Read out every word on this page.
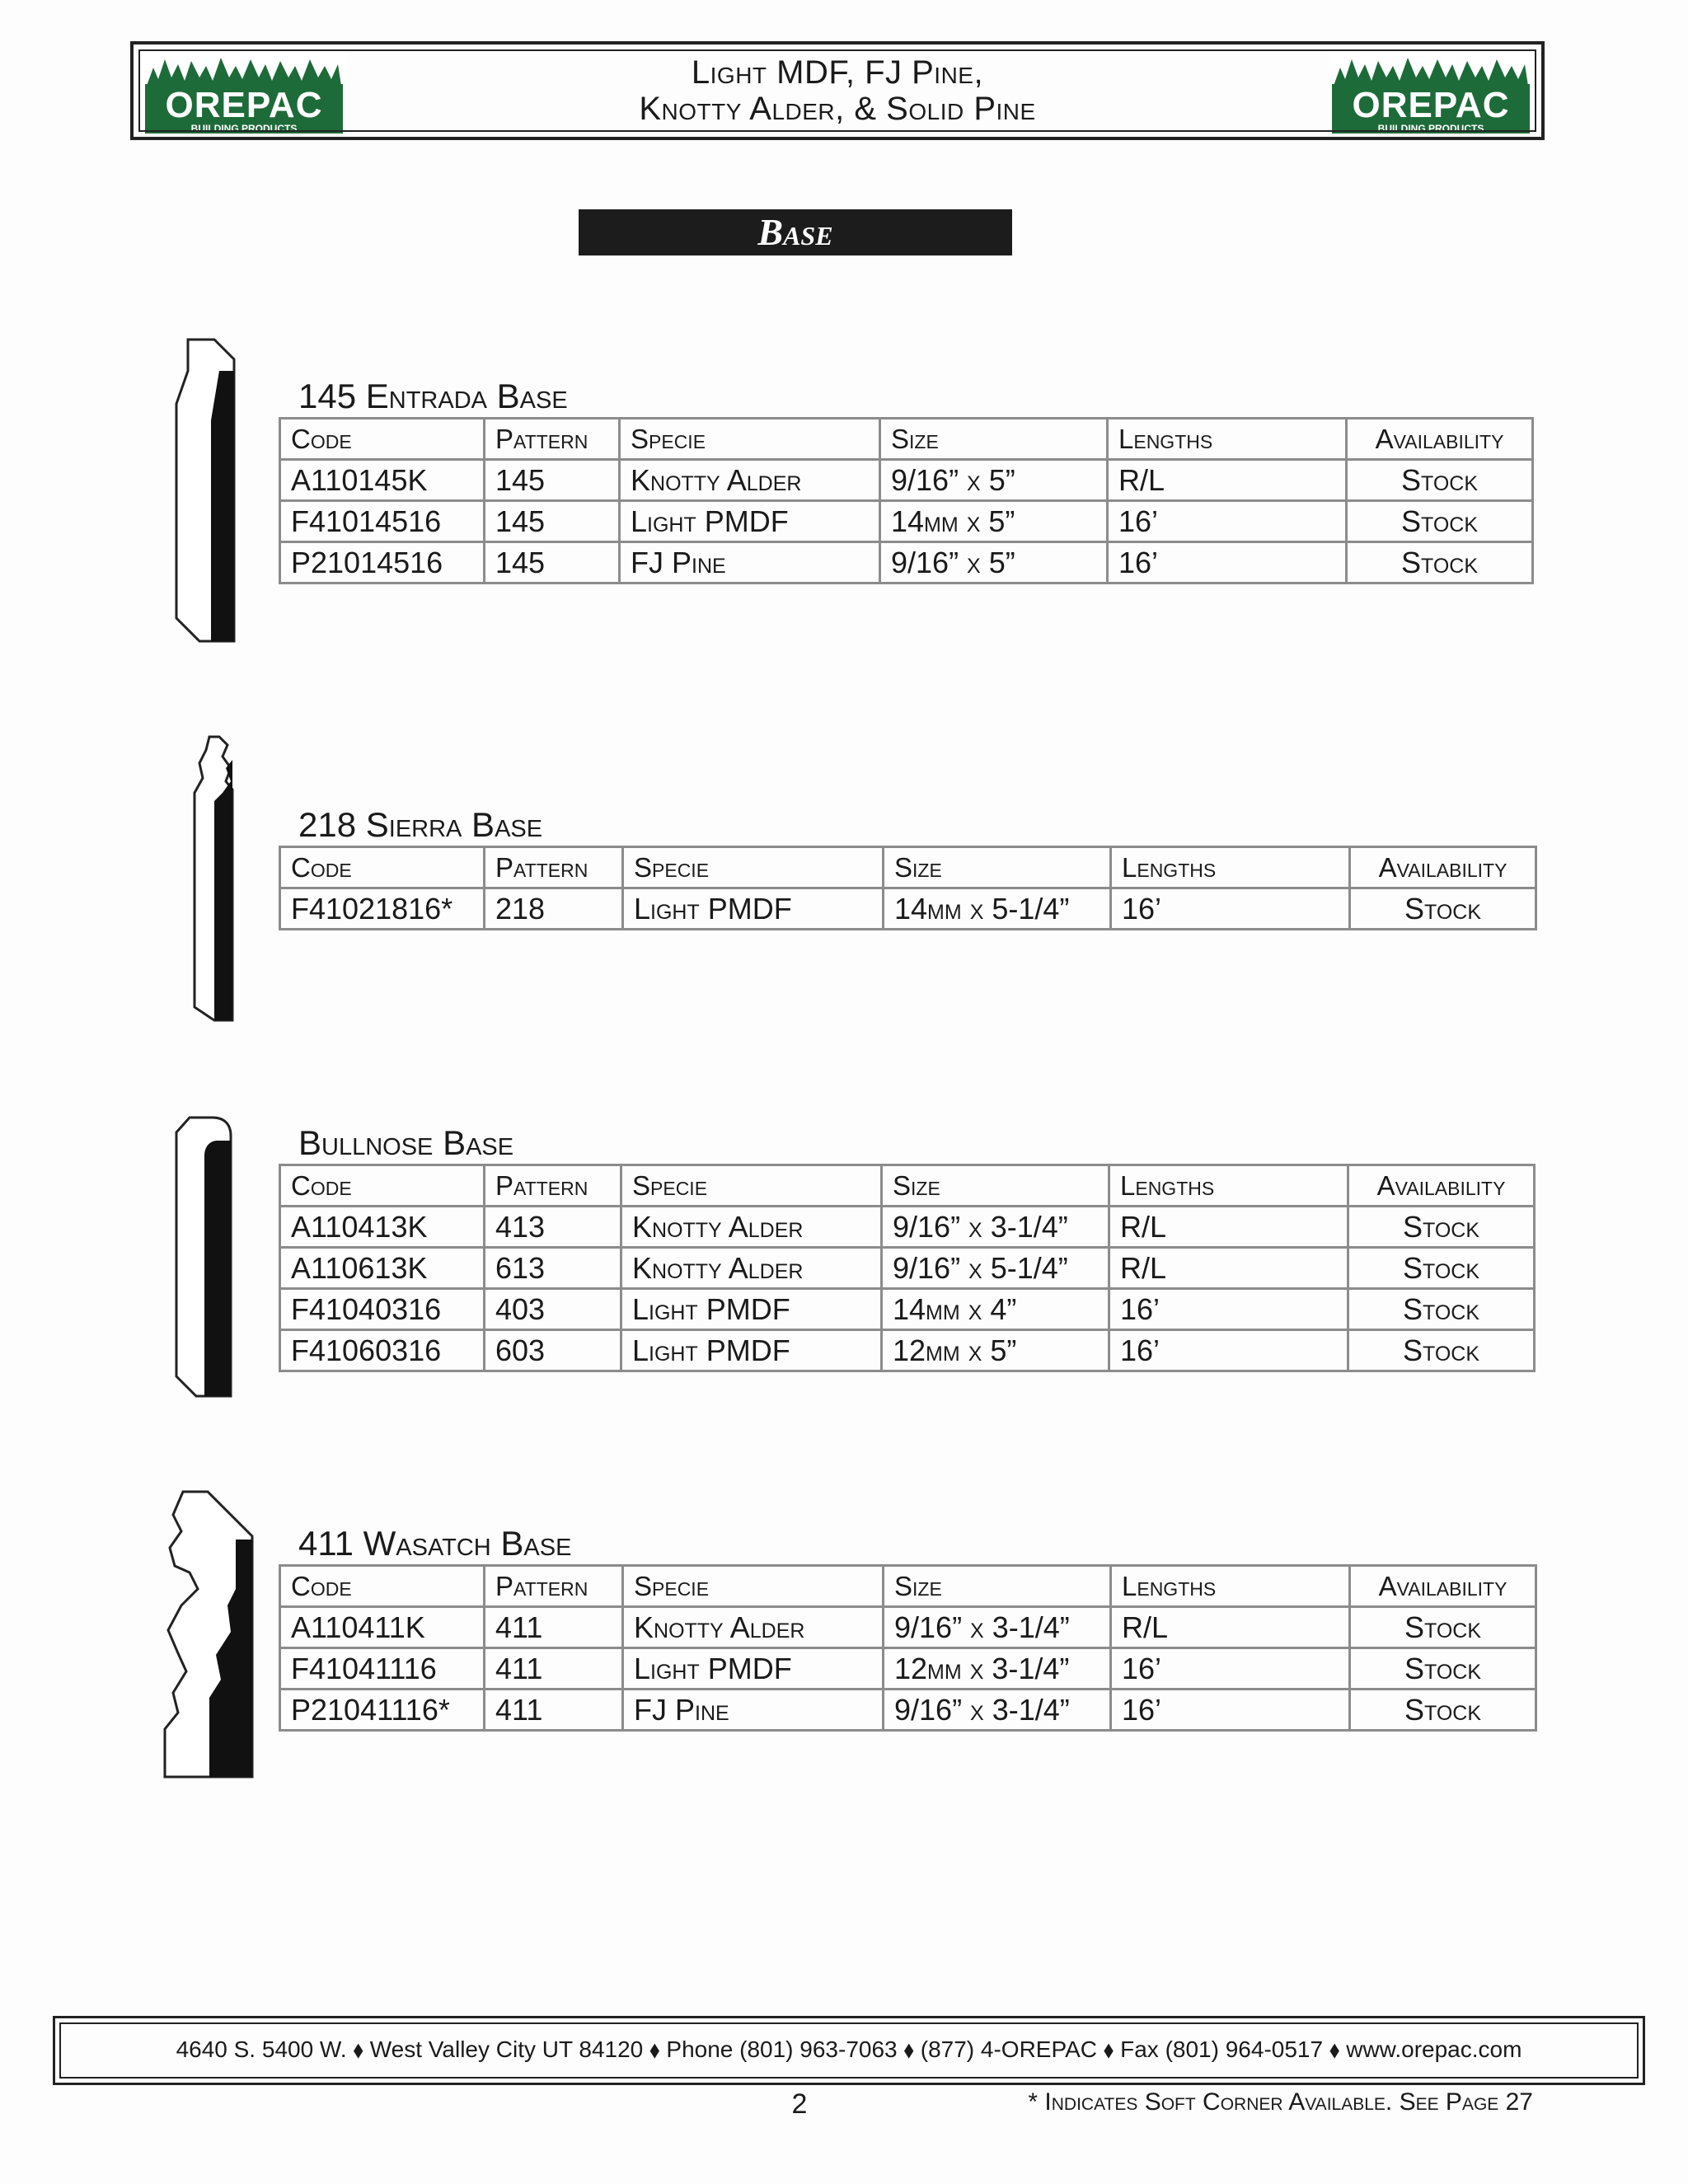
OREPAC
BUILDING PRODUCTS
Light MDF, FJ Pine,
Knotty Alder, & Solid Pine	OREPAC
BUILDING PRODUCTS
Base
145 Entrada Base
Code	Pattern	Specie	Size	Lengths	Availability
A110145K	145	Knotty Alder	9/16” x 5”	R/L	Stock
F41014516	145	Light PMDF	14mm x 5”	16’	Stock
P21014516	145	FJ Pine	9/16” x 5”	16’	Stock
218 Sierra Base
Code	Pattern	Specie	Size	Lengths	Availability
F41021816*	218	Light PMDF	14mm x 5-1/4”	16’	Stock
Bullnose Base
Code	Pattern	Specie	Size	Lengths	Availability
A110413K	413	Knotty Alder	9/16” x 3-1/4”	R/L	Stock
A110613K	613	Knotty Alder	9/16” x 5-1/4”	R/L	Stock
F41040316	403	Light PMDF	14mm x 4”	16’	Stock
F41060316	603	Light PMDF	12mm x 5”	16’	Stock
411 Wasatch Base
Code	Pattern	Specie	Size	Lengths	Availability
A110411K	411	Knotty Alder	9/16” x 3-1/4”	R/L	Stock
F41041116	411	Light PMDF	12mm x 3-1/4”	16’	Stock
P21041116*	411	FJ Pine	9/16” x 3-1/4”	16’	Stock
4640 S. 5400 W. ⬧ West Valley City UT 84120 ⬧ Phone (801) 963-7063 ⬧ (877) 4-OREPAC ⬧ Fax (801) 964-0517 ⬧ www.orepac.com
2	* Indicates Soft Corner Available. See Page 27
